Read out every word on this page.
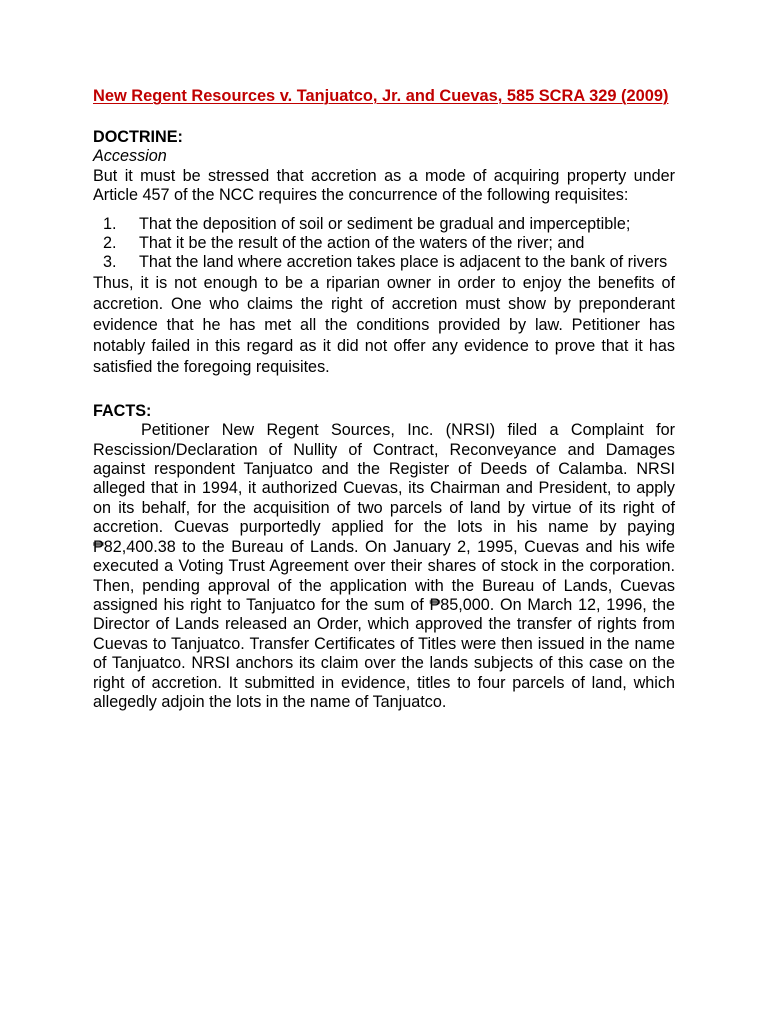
New Regent Resources v. Tanjuatco, Jr. and Cuevas, 585 SCRA 329 (2009)

DOCTRINE:

Accession

But it must be stressed that accretion as a mode of acquiring property under Article 457 of the NCC requires the concurrence of the following requisites:

1. That the deposition of soil or sediment be gradual and imperceptible;
2. That it be the result of the action of the waters of the river; and
3. That the land where accretion takes place is adjacent to the bank of rivers

Thus, it is not enough to be a riparian owner in order to enjoy the benefits of accretion. One who claims the right of accretion must show by preponderant evidence that he has met all the conditions provided by law. Petitioner has notably failed in this regard as it did not offer any evidence to prove that it has satisfied the foregoing requisites.

FACTS:

Petitioner New Regent Sources, Inc. (NRSI) filed a Complaint for Rescission/Declaration of Nullity of Contract, Reconveyance and Damages against respondent Tanjuatco and the Register of Deeds of Calamba. NRSI alleged that in 1994, it authorized Cuevas, its Chairman and President, to apply on its behalf, for the acquisition of two parcels of land by virtue of its right of accretion. Cuevas purportedly applied for the lots in his name by paying ₱82,400.38 to the Bureau of Lands. On January 2, 1995, Cuevas and his wife executed a Voting Trust Agreement over their shares of stock in the corporation. Then, pending approval of the application with the Bureau of Lands, Cuevas assigned his right to Tanjuatco for the sum of ₱85,000. On March 12, 1996, the Director of Lands released an Order, which approved the transfer of rights from Cuevas to Tanjuatco. Transfer Certificates of Titles were then issued in the name of Tanjuatco. NRSI anchors its claim over the lands subjects of this case on the right of accretion. It submitted in evidence, titles to four parcels of land, which allegedly adjoin the lots in the name of Tanjuatco.
